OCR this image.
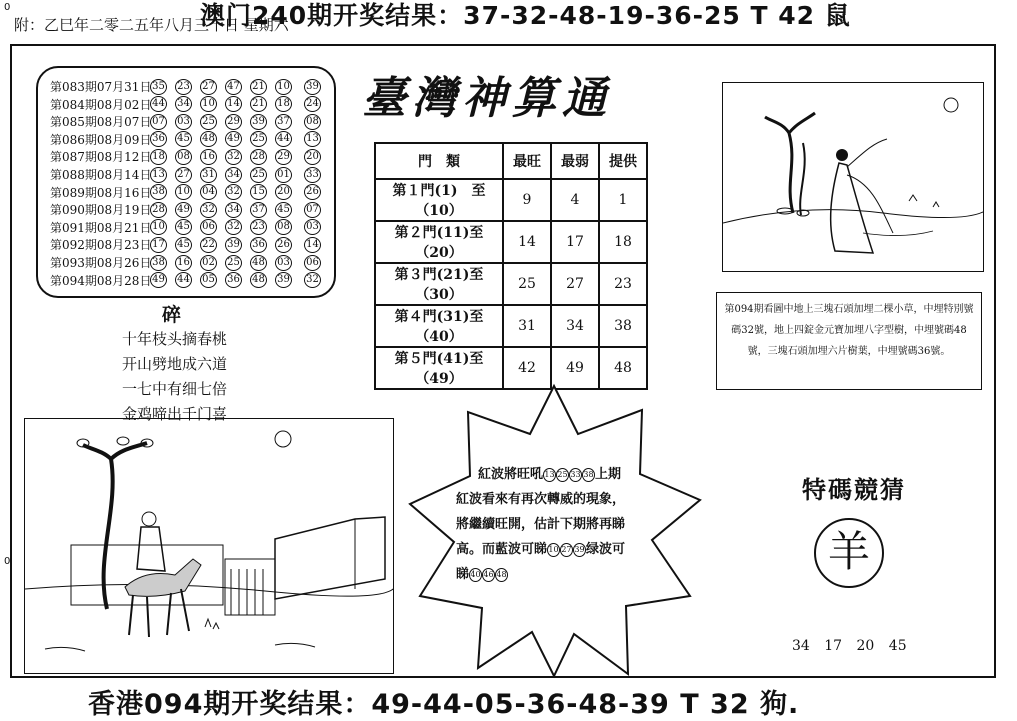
0
0
澳门240期开奖结果：37-32-48-19-36-25 T 42 鼠
附：乙巳年二零二五年八月三十日 星期六
第083期07月31日 35 23 27 47 21 10 39
第084期08月02日 44 34 10 14 21 18 24
第085期08月07日 07 03 25 29 39 37 08
第086期08月09日 36 45 48 49 25 44 13
第087期08月12日 18 08 16 32 28 29 20
第088期08月14日 13 27 31 34 25 01 33
第089期08月16日 38 10 04 32 15 20 26
第090期08月19日 28 49 32 34 37 45 07
第091期08月21日 10 45 06 32 23 08 03
第092期08月23日 17 45 22 39 36 26 14
第093期08月26日 38 16 02 25 48 03 06
第094期08月28日 49 44 05 36 48 39 32
臺灣神算通
門　類	最旺	最弱	提供
第１門(1)　至（10）	9	4	1
第２門(11)至（20）	14	17	18
第３門(21)至（30）	25	27	23
第４門(31)至（40）	31	34	38
第５門(41)至（49）	42	49	48
碎
十年枝头摘春桃
开山劈地成六道
一七中有细七倍
金鸡啼出千门喜
第094期看圖中地上三塊石頭加埋二棵小草，中埋特別號碼32號，地上四錠金元寶加埋八字型樹，中埋號碼48號，三塊石頭加埋六片樹葉，中埋號碼36號。
紅波將旺吼13 25 33 38上期
紅波看來有再次轉威的現象，
將繼續旺開，估計下期將再睇
高。而藍波可睇10 27 39绿波可
睇40 46 48
特碼競猜
羊
34 17 20 45
香港094期开奖结果：49-44-05-36-48-39 T 32 狗.
